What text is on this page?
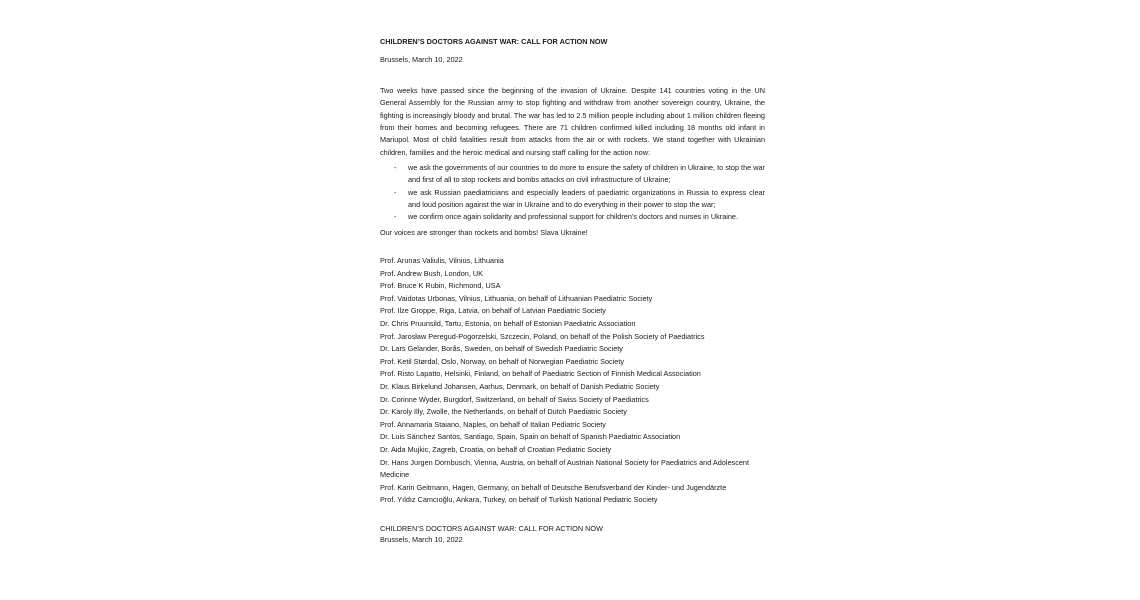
CHILDREN’S DOCTORS AGAINST WAR: CALL FOR ACTION NOW

Brussels, March 10, 2022

Two weeks have passed since the beginning of the invasion of Ukraine. Despite 141 countries voting in the UN General Assembly for the Russian army to stop fighting and withdraw from another sovereign country, Ukraine, the fighting is increasingly bloody and brutal. The war has led to 2.5 million people including about 1 million children fleeing from their homes and becoming refugees. There are 71 children confirmed killed including 18 months old infant in Mariupol. Most of child fatalities result from attacks from the air or with rockets. We stand together with Ukrainian children, families and the heroic medical and nursing staff calling for the action now:

- we ask the governments of our countries to do more to ensure the safety of children in Ukraine, to stop the war and first of all to stop rockets and bombs attacks on civil infrastructure of Ukraine;
- we ask Russian paediatricians and especially leaders of paediatric organizations in Russia to express clear and loud position against the war in Ukraine and to do everything in their power to stop the war;
- we confirm once again solidarity and professional support for children’s doctors and nurses in Ukraine.

Our voices are stronger than rockets and bombs! Slava Ukraine!

Prof. Arunas Valiulis, Vilnius, Lithuania
Prof. Andrew Bush, London, UK
Prof. Bruce K Rubin, Richmond, USA
Prof. Vaidotas Urbonas, Vilnius, Lithuania, on behalf of Lithuanian Paediatric Society
Prof. Ilze Groppe, Riga, Latvia, on behalf of Latvian Paediatric Society
Dr. Chris Pruunsild, Tartu, Estonia, on behalf of Estonian Paediatric Association
Prof. Jarosław Peregud-Pogorzelski, Szczecin, Poland, on behalf of the Polish Society of Paediatrics
Dr. Lars Gelander, Borås, Sweden, on behalf of Swedish Paediatric Society
Prof. Ketil Størdal, Oslo, Norway, on behalf of Norwegian Paediatric Society
Prof. Risto Lapatto, Helsinki, Finland, on behalf of Paediatric Section of Finnish Medical Association
Dr. Klaus Birkelund Johansen, Aarhus, Denmark, on behalf of Danish Pediatric Society
Dr. Corinne Wyder, Burgdorf, Switzerland, on behalf of Swiss Society of Paediatrics
Dr. Karoly Illy, Zwolle, the Netherlands, on behalf of Dutch Paediatric Society
Prof. Annamaria Staiano, Naples, on behalf of Italian Pediatric Society
Dr. Luis Sánchez Santos, Santiago, Spain, Spain on behalf of Spanish Paediatric Association
Dr. Aida Mujkic, Zagreb, Croatia, on behalf of Croatian Pediatric Society
Dr. Hans Jurgen Dornbusch, Vienna, Austria, on behalf of Austrian National Society for Paediatrics and Adolescent Medicine
Prof. Karin Geitmann, Hagen, Germany, on behalf of Deutsche Berufsverband der Kinder- und Jugendärzte
Prof. Yıldız Camcıoğlu, Ankara, Turkey, on behalf of Turkish National Pediatric Society
CHILDREN’S DOCTORS AGAINST WAR: CALL FOR ACTION NOW
Brussels, March 10, 2022
